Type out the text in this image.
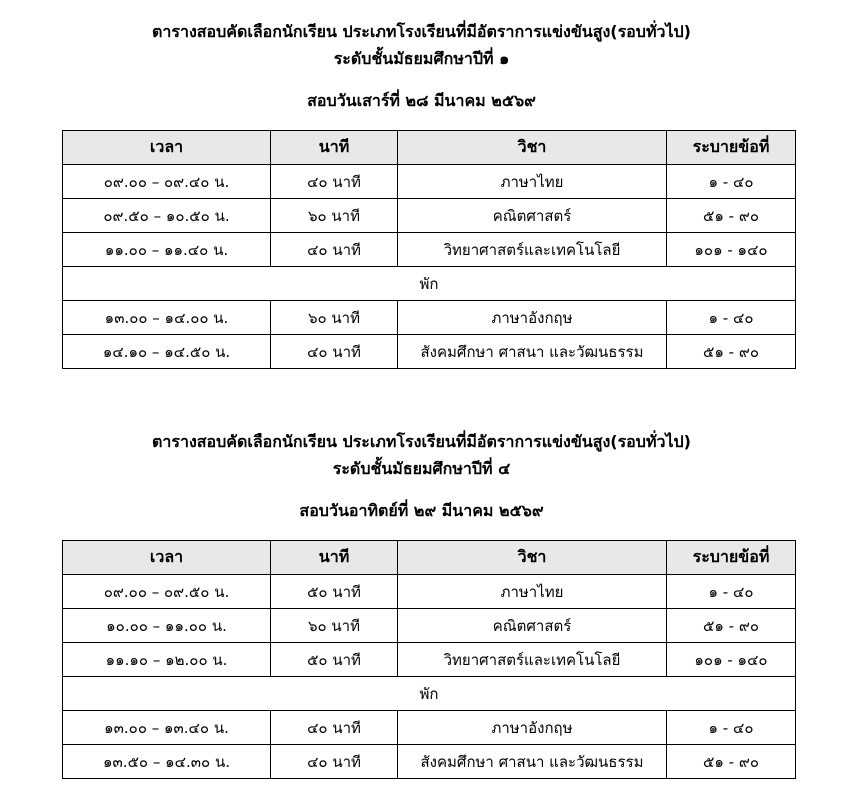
ตารางสอบคัดเลือกนักเรียน ประเภทโรงเรียนที่มีอัตราการแข่งขันสูง(รอบทั่วไป)
ระดับชั้นมัธยมศึกษาปีที่ ๑
สอบวันเสาร์ที่ ๒๘ มีนาคม ๒๕๖๙
เวลา	นาที	วิชา	ระบายข้อที่
๐๙.๐๐ – ๐๙.๔๐ น.	๔๐ นาที	ภาษาไทย	๑ - ๔๐
๐๙.๕๐ – ๑๐.๕๐ น.	๖๐ นาที	คณิตศาสตร์	๕๑ - ๙๐
๑๑.๐๐ – ๑๑.๔๐ น.	๔๐ นาที	วิทยาศาสตร์และเทคโนโลยี	๑๐๑ - ๑๔๐
พัก			
๑๓.๐๐ – ๑๔.๐๐ น.	๖๐ นาที	ภาษาอังกฤษ	๑ - ๔๐
๑๔.๑๐ – ๑๔.๕๐ น.	๔๐ นาที	สังคมศึกษา ศาสนา และวัฒนธรรม	๕๑ - ๙๐
ตารางสอบคัดเลือกนักเรียน ประเภทโรงเรียนที่มีอัตราการแข่งขันสูง(รอบทั่วไป)
ระดับชั้นมัธยมศึกษาปีที่ ๔
สอบวันอาทิตย์ที่ ๒๙ มีนาคม ๒๕๖๙
เวลา	นาที	วิชา	ระบายข้อที่
๐๙.๐๐ – ๐๙.๕๐ น.	๕๐ นาที	ภาษาไทย	๑ - ๔๐
๑๐.๐๐ – ๑๑.๐๐ น.	๖๐ นาที	คณิตศาสตร์	๕๑ - ๙๐
๑๑.๑๐ – ๑๒.๐๐ น.	๕๐ นาที	วิทยาศาสตร์และเทคโนโลยี	๑๐๑ - ๑๔๐
พัก			
๑๓.๐๐ – ๑๓.๔๐ น.	๔๐ นาที	ภาษาอังกฤษ	๑ - ๔๐
๑๓.๕๐ – ๑๔.๓๐ น.	๔๐ นาที	สังคมศึกษา ศาสนา และวัฒนธรรม	๕๑ - ๙๐
